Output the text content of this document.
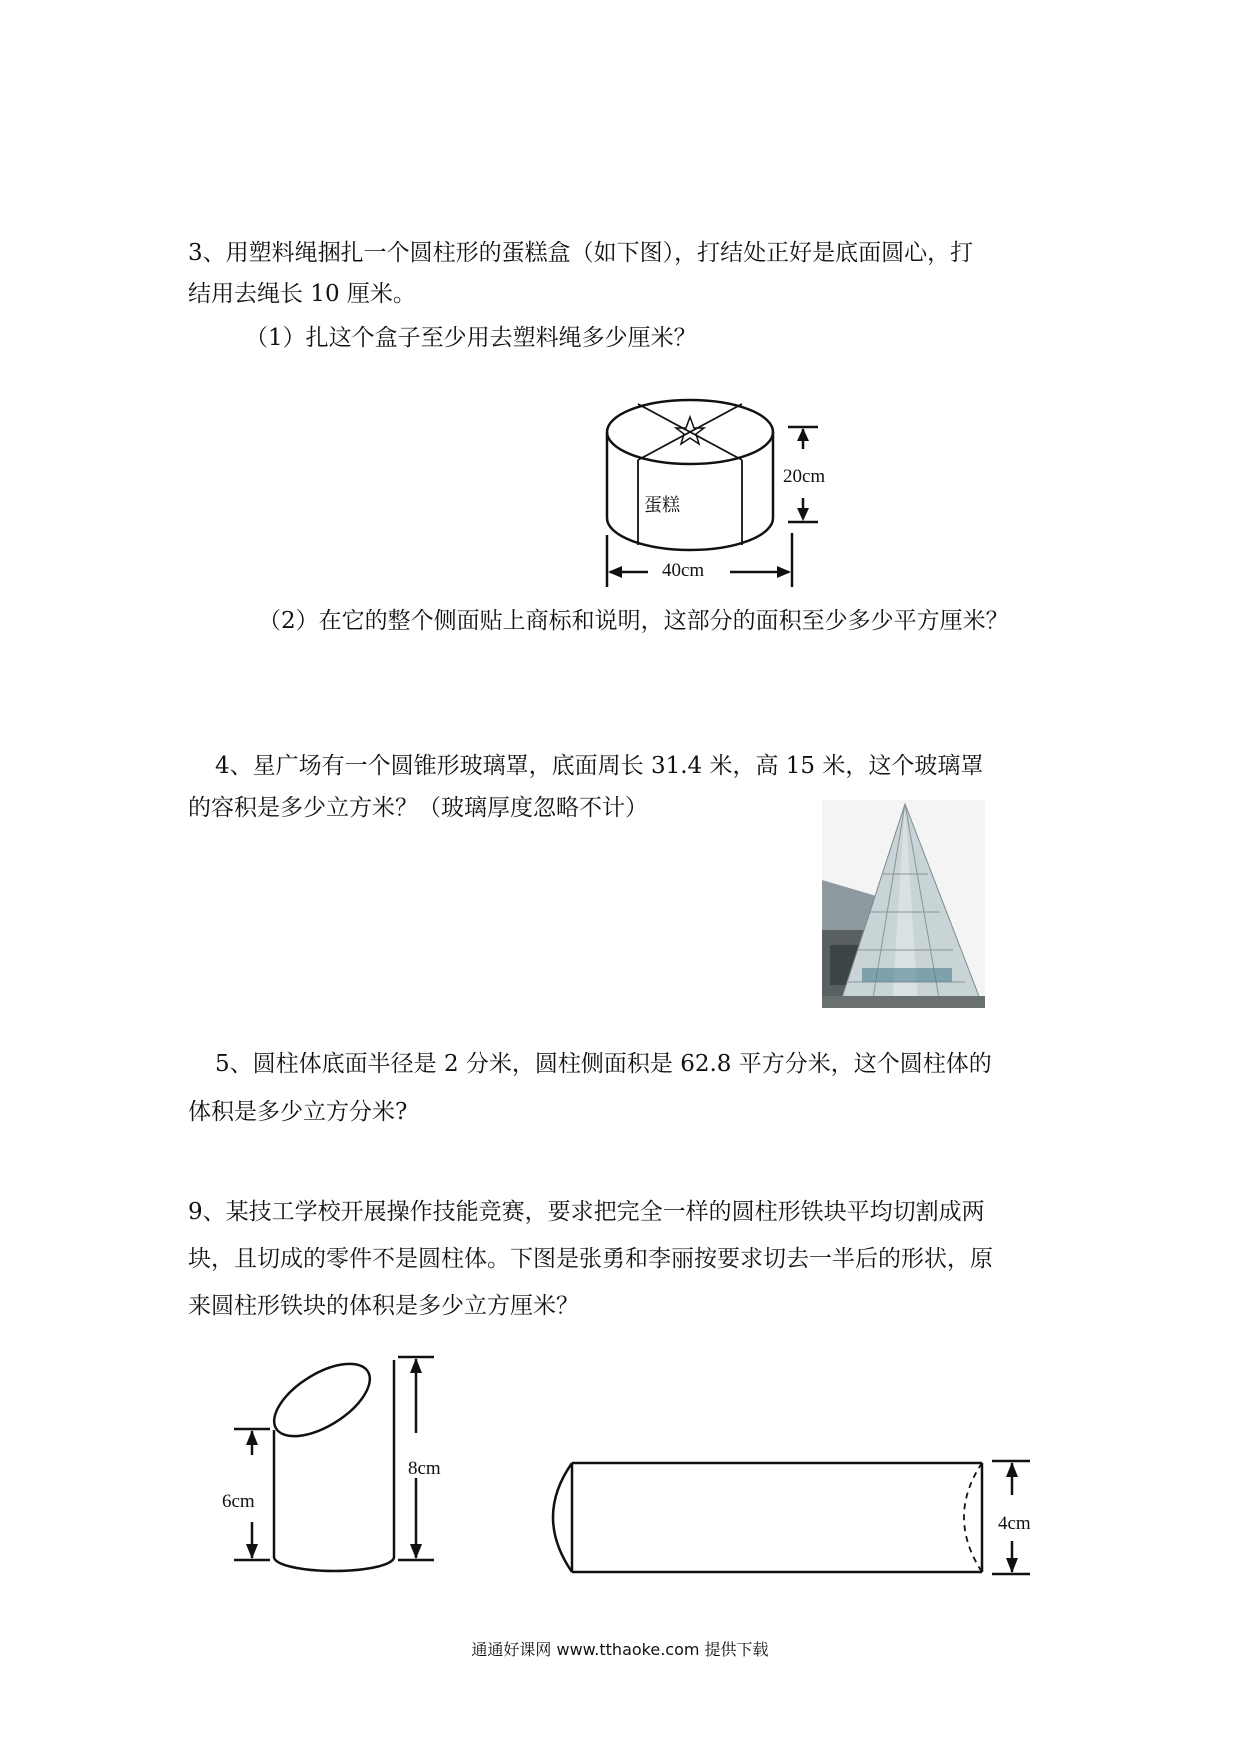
3、用塑料绳捆扎一个圆柱形的蛋糕盒（如下图），打结处正好是底面圆心，打
结用去绳长 10 厘米。
（1）扎这个盒子至少用去塑料绳多少厘米？
蛋糕
20cm
40cm
（2）在它的整个侧面贴上商标和说明，这部分的面积至少多少平方厘米？
4、星广场有一个圆锥形玻璃罩，底面周长 31.4 米，高 15 米，这个玻璃罩
的容积是多少立方米？（玻璃厚度忽略不计）
5、圆柱体底面半径是 2 分米，圆柱侧面积是 62.8 平方分米，这个圆柱体的
体积是多少立方分米?
9、某技工学校开展操作技能竞赛，要求把完全一样的圆柱形铁块平均切割成两
块，且切成的零件不是圆柱体。下图是张勇和李丽按要求切去一半后的形状，原
来圆柱形铁块的体积是多少立方厘米？
6cm
8cm
4cm
通通好课网 www.tthaoke.com 提供下载
